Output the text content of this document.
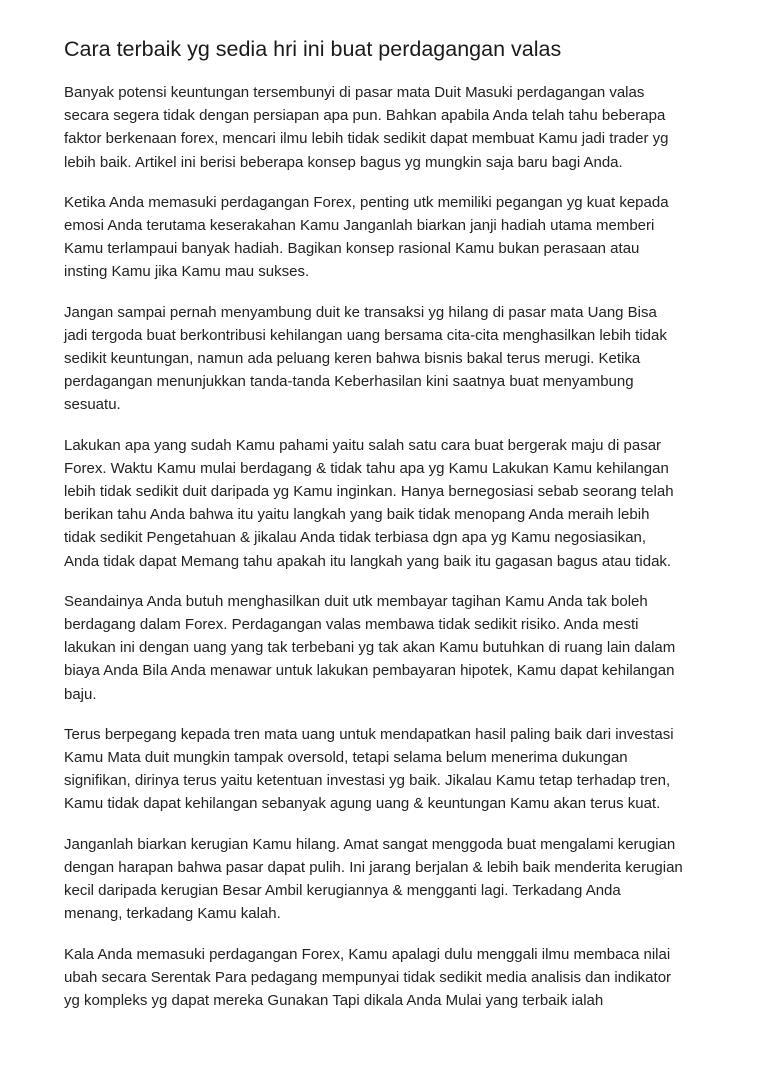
Cara terbaik yg sedia hri ini buat perdagangan valas

Banyak potensi keuntungan tersembunyi di pasar mata Duit Masuki perdagangan valas
secara segera tidak dengan persiapan apa pun. Bahkan apabila Anda telah tahu beberapa
faktor berkenaan forex, mencari ilmu lebih tidak sedikit dapat membuat Kamu jadi trader yg
lebih baik. Artikel ini berisi beberapa konsep bagus yg mungkin saja baru bagi Anda.

Ketika Anda memasuki perdagangan Forex, penting utk memiliki pegangan yg kuat kepada
emosi Anda terutama keserakahan Kamu Janganlah biarkan janji hadiah utama memberi
Kamu terlampaui banyak hadiah. Bagikan konsep rasional Kamu bukan perasaan atau
insting Kamu jika Kamu mau sukses.

Jangan sampai pernah menyambung duit ke transaksi yg hilang di pasar mata Uang Bisa
jadi tergoda buat berkontribusi kehilangan uang bersama cita-cita menghasilkan lebih tidak
sedikit keuntungan, namun ada peluang keren bahwa bisnis bakal terus merugi. Ketika
perdagangan menunjukkan tanda-tanda Keberhasilan kini saatnya buat menyambung
sesuatu.

Lakukan apa yang sudah Kamu pahami yaitu salah satu cara buat bergerak maju di pasar
Forex. Waktu Kamu mulai berdagang & tidak tahu apa yg Kamu Lakukan Kamu kehilangan
lebih tidak sedikit duit daripada yg Kamu inginkan. Hanya bernegosiasi sebab seorang telah
berikan tahu Anda bahwa itu yaitu langkah yang baik tidak menopang Anda meraih lebih
tidak sedikit Pengetahuan & jikalau Anda tidak terbiasa dgn apa yg Kamu negosiasikan,
Anda tidak dapat Memang tahu apakah itu langkah yang baik itu gagasan bagus atau tidak.

Seandainya Anda butuh menghasilkan duit utk membayar tagihan Kamu Anda tak boleh
berdagang dalam Forex. Perdagangan valas membawa tidak sedikit risiko. Anda mesti
lakukan ini dengan uang yang tak terbebani yg tak akan Kamu butuhkan di ruang lain dalam
biaya Anda Bila Anda menawar untuk lakukan pembayaran hipotek, Kamu dapat kehilangan
baju.

Terus berpegang kepada tren mata uang untuk mendapatkan hasil paling baik dari investasi
Kamu Mata duit mungkin tampak oversold, tetapi selama belum menerima dukungan
signifikan, dirinya terus yaitu ketentuan investasi yg baik. Jikalau Kamu tetap terhadap tren,
Kamu tidak dapat kehilangan sebanyak agung uang & keuntungan Kamu akan terus kuat.

Janganlah biarkan kerugian Kamu hilang. Amat sangat menggoda buat mengalami kerugian
dengan harapan bahwa pasar dapat pulih. Ini jarang berjalan & lebih baik menderita kerugian
kecil daripada kerugian Besar Ambil kerugiannya & mengganti lagi. Terkadang Anda
menang, terkadang Kamu kalah.

Kala Anda memasuki perdagangan Forex, Kamu apalagi dulu menggali ilmu membaca nilai
ubah secara Serentak Para pedagang mempunyai tidak sedikit media analisis dan indikator
yg kompleks yg dapat mereka Gunakan Tapi dikala Anda Mulai yang terbaik ialah
